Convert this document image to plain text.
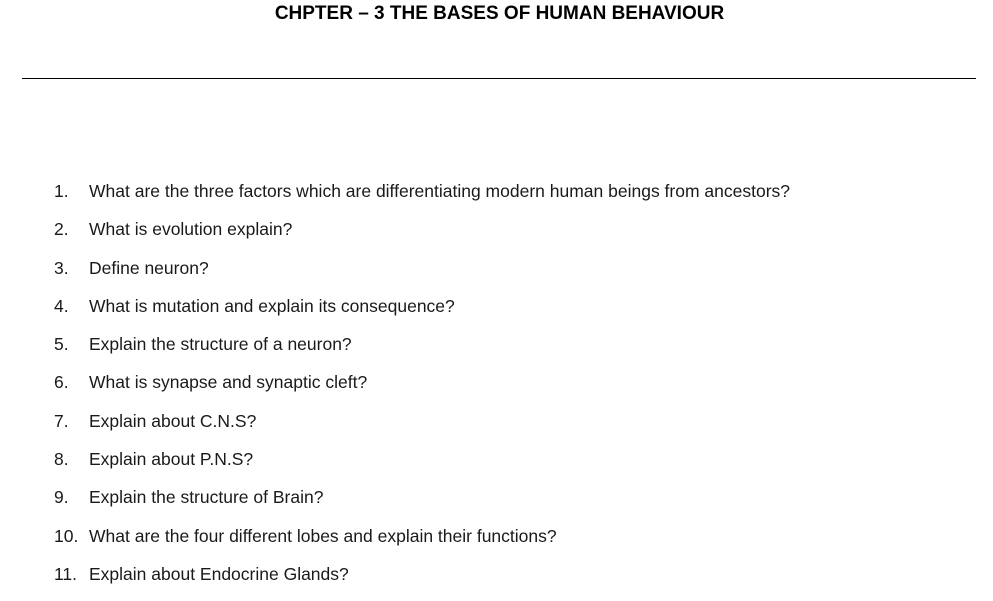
CHPTER – 3 THE BASES OF HUMAN BEHAVIOUR
1.	What are the three factors which are differentiating modern human beings from ancestors?
2.	What is evolution explain?
3.	Define neuron?
4.	What is mutation and explain its consequence?
5.	Explain the structure of a neuron?
6.	What is synapse and synaptic cleft?
7.	Explain about C.N.S?
8.	Explain about P.N.S?
9.	Explain the structure of Brain?
10. What are the four different lobes and explain their functions?
11. Explain about Endocrine Glands?
